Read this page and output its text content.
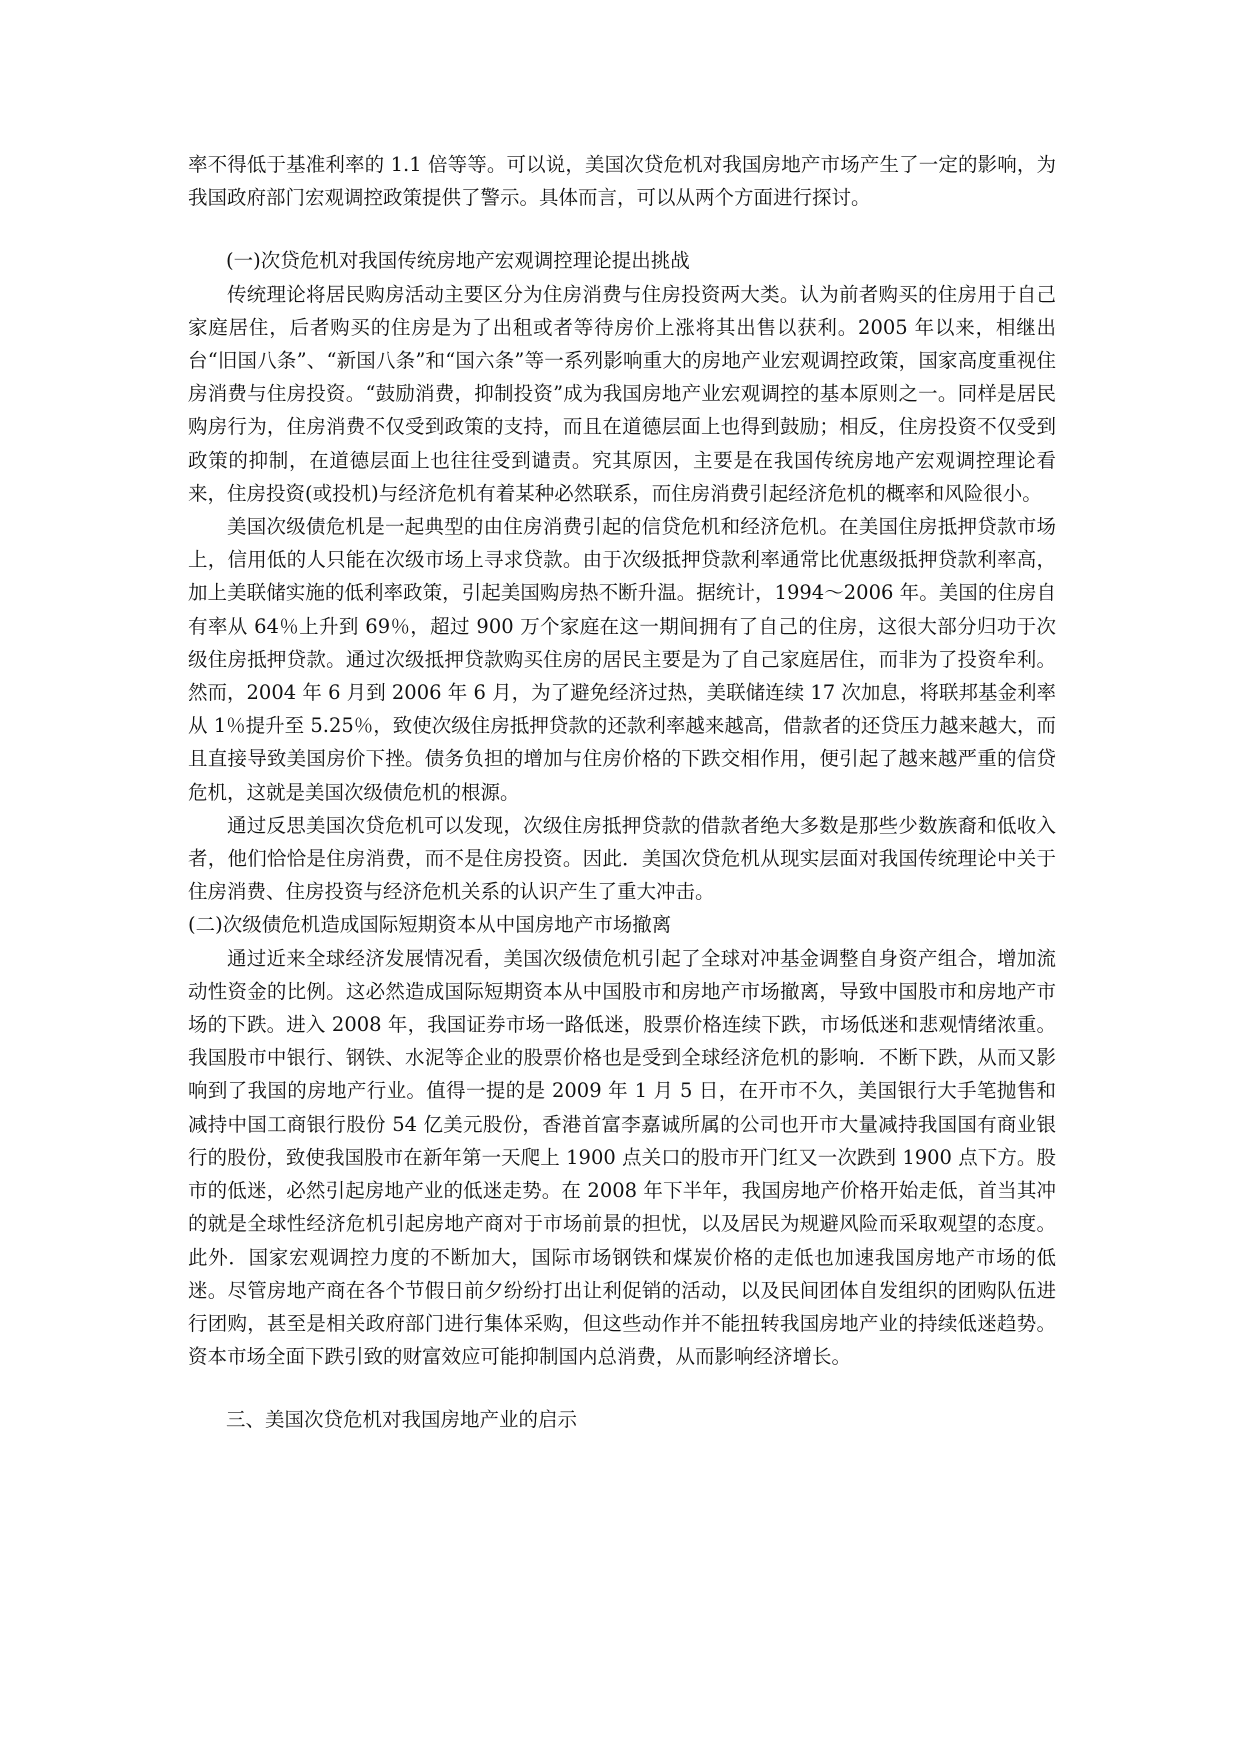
率不得低于基准利率的 1.1 倍等等。可以说，美国次贷危机对我国房地产市场产生了一定的影响，为我国政府部门宏观调控政策提供了警示。具体而言，可以从两个方面进行探讨。

(一)次贷危机对我国传统房地产宏观调控理论提出挑战

传统理论将居民购房活动主要区分为住房消费与住房投资两大类。认为前者购买的住房用于自己家庭居住，后者购买的住房是为了出租或者等待房价上涨将其出售以获利。2005 年以来，相继出台“旧国八条”、“新国八条”和“国六条”等一系列影响重大的房地产业宏观调控政策，国家高度重视住房消费与住房投资。“鼓励消费，抑制投资”成为我国房地产业宏观调控的基本原则之一。同样是居民购房行为，住房消费不仅受到政策的支持，而且在道德层面上也得到鼓励；相反，住房投资不仅受到政策的抑制，在道德层面上也往往受到谴责。究其原因，主要是在我国传统房地产宏观调控理论看来，住房投资(或投机)与经济危机有着某种必然联系，而住房消费引起经济危机的概率和风险很小。

美国次级债危机是一起典型的由住房消费引起的信贷危机和经济危机。在美国住房抵押贷款市场上，信用低的人只能在次级市场上寻求贷款。由于次级抵押贷款利率通常比优惠级抵押贷款利率高，加上美联储实施的低利率政策，引起美国购房热不断升温。据统计，1994～2006 年。美国的住房自有率从 64％上升到 69％，超过 900 万个家庭在这一期间拥有了自己的住房，这很大部分归功于次级住房抵押贷款。通过次级抵押贷款购买住房的居民主要是为了自己家庭居住，而非为了投资牟利。然而，2004 年 6 月到 2006 年 6 月，为了避免经济过热，美联储连续 17 次加息，将联邦基金利率从 1％提升至 5.25％，致使次级住房抵押贷款的还款利率越来越高，借款者的还贷压力越来越大，而且直接导致美国房价下挫。债务负担的增加与住房价格的下跌交相作用，便引起了越来越严重的信贷危机，这就是美国次级债危机的根源。

通过反思美国次贷危机可以发现，次级住房抵押贷款的借款者绝大多数是那些少数族裔和低收入者，他们恰恰是住房消费，而不是住房投资。因此．美国次贷危机从现实层面对我国传统理论中关于住房消费、住房投资与经济危机关系的认识产生了重大冲击。

(二)次级债危机造成国际短期资本从中国房地产市场撤离

通过近来全球经济发展情况看，美国次级债危机引起了全球对冲基金调整自身资产组合，增加流动性资金的比例。这必然造成国际短期资本从中国股市和房地产市场撤离，导致中国股市和房地产市场的下跌。进入 2008 年，我国证券市场一路低迷，股票价格连续下跌，市场低迷和悲观情绪浓重。我国股市中银行、钢铁、水泥等企业的股票价格也是受到全球经济危机的影响．不断下跌，从而又影响到了我国的房地产行业。值得一提的是 2009 年 1 月 5 日，在开市不久，美国银行大手笔抛售和减持中国工商银行股份 54 亿美元股份，香港首富李嘉诚所属的公司也开市大量减持我国国有商业银行的股份，致使我国股市在新年第一天爬上 1900 点关口的股市开门红又一次跌到 1900 点下方。股市的低迷，必然引起房地产业的低迷走势。在 2008 年下半年，我国房地产价格开始走低，首当其冲的就是全球性经济危机引起房地产商对于市场前景的担忧，以及居民为规避风险而采取观望的态度。此外．国家宏观调控力度的不断加大，国际市场钢铁和煤炭价格的走低也加速我国房地产市场的低迷。尽管房地产商在各个节假日前夕纷纷打出让利促销的活动，以及民间团体自发组织的团购队伍进行团购，甚至是相关政府部门进行集体采购，但这些动作并不能扭转我国房地产业的持续低迷趋势。资本市场全面下跌引致的财富效应可能抑制国内总消费，从而影响经济增长。

三、美国次贷危机对我国房地产业的启示
